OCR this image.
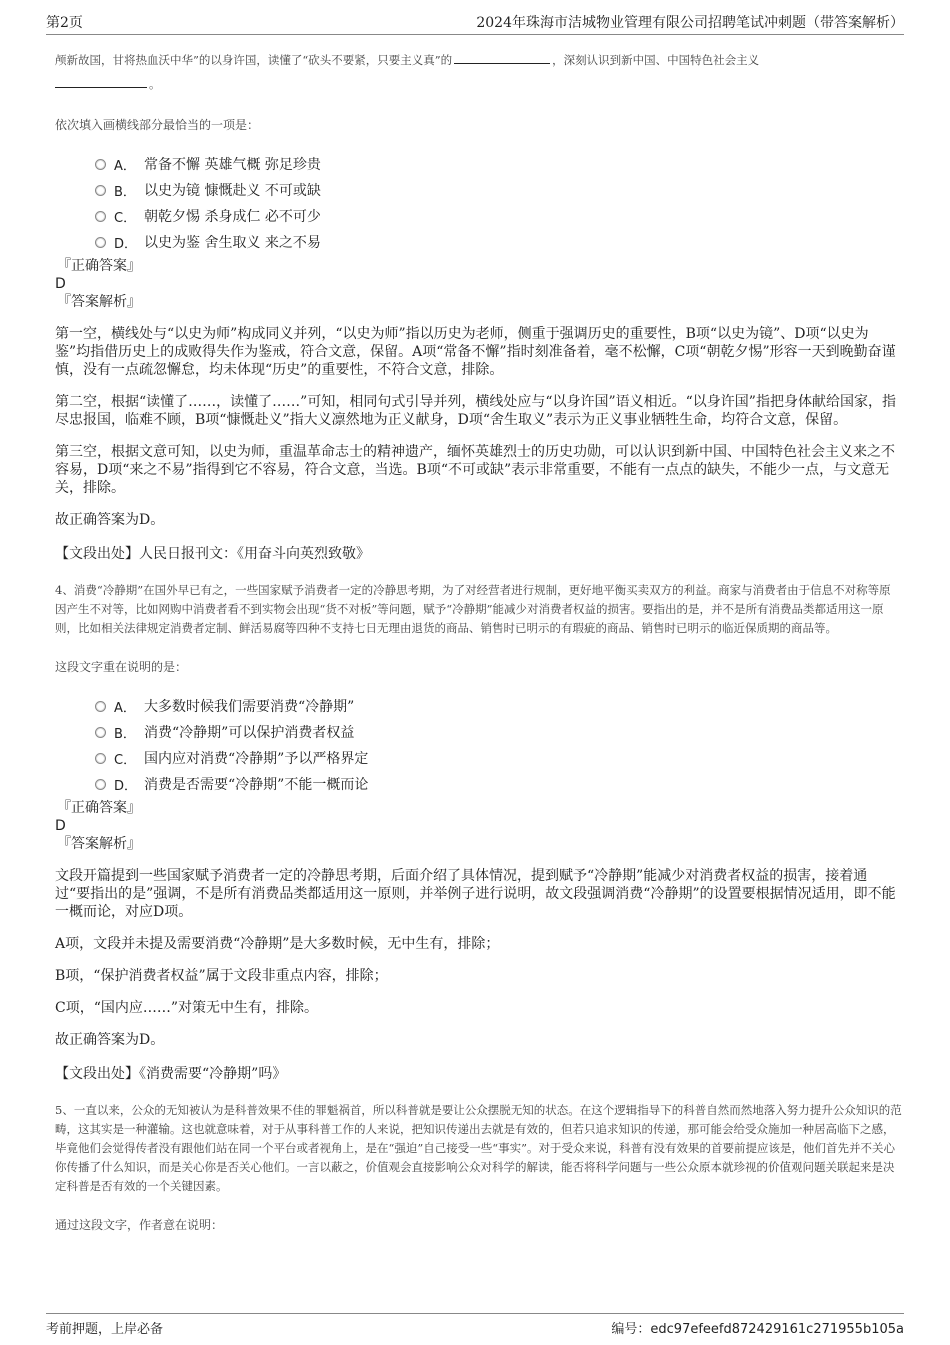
第2页	2024年珠海市洁城物业管理有限公司招聘笔试冲刺题（带答案解析）
颅新故国，甘将热血沃中华”的以身许国，读懂了“砍头不要紧，只要主义真”的	，深刻认识到新中国、中国特色社会主义
。
依次填入画横线部分最恰当的一项是：
A． 常备不懈 英雄气概 弥足珍贵
B． 以史为镜 慷慨赴义 不可或缺
C． 朝乾夕惕 杀身成仁 必不可少
D． 以史为鉴 舍生取义 来之不易
『正确答案』
D
『答案解析』

第一空，横线处与“以史为师”构成同义并列，“以史为师”指以历史为老师，侧重于强调历史的重要性，B项“以史为镜”、D项“以史为鉴”均指借历史上的成败得失作为鉴戒，符合文意，保留。A项“常备不懈”指时刻准备着，毫不松懈，C项“朝乾夕惕”形容一天到晚勤奋谨慎，没有一点疏忽懈怠，均未体现“历史”的重要性，不符合文意，排除。

第二空，根据“读懂了……，读懂了……”可知，相同句式引导并列，横线处应与“以身许国”语义相近。“以身许国”指把身体献给国家，指尽忠报国，临难不顾，B项“慷慨赴义”指大义凛然地为正义献身，D项“舍生取义”表示为正义事业牺牲生命，均符合文意，保留。

第三空，根据文意可知，以史为师，重温革命志士的精神遗产，缅怀英雄烈士的历史功勋，可以认识到新中国、中国特色社会主义来之不容易，D项“来之不易”指得到它不容易，符合文意，当选。B项“不可或缺”表示非常重要，不能有一点点的缺失，不能少一点，与文意无关，排除。

故正确答案为D。

【文段出处】人民日报刊文：《用奋斗向英烈致敬》
4、消费“冷静期”在国外早已有之，一些国家赋予消费者一定的冷静思考期，为了对经营者进行规制，更好地平衡买卖双方的利益。商家与消费者由于信息不对称等原因产生不对等，比如网购中消费者看不到实物会出现“货不对板”等问题，赋予“冷静期”能减少对消费者权益的损害。要指出的是，并不是所有消费品类都适用这一原则，比如相关法律规定消费者定制、鲜活易腐等四种不支持七日无理由退货的商品、销售时已明示的有瑕疵的商品、销售时已明示的临近保质期的商品等。
这段文字重在说明的是：
A． 大多数时候我们需要消费“冷静期”
B． 消费“冷静期”可以保护消费者权益
C． 国内应对消费“冷静期”予以严格界定
D． 消费是否需要“冷静期”不能一概而论
『正确答案』
D
『答案解析』

文段开篇提到一些国家赋予消费者一定的冷静思考期，后面介绍了具体情况，提到赋予“冷静期”能减少对消费者权益的损害，接着通过“要指出的是”强调，不是所有消费品类都适用这一原则，并举例子进行说明，故文段强调消费“冷静期”的设置要根据情况适用，即不能一概而论，对应D项。

A项，文段并未提及需要消费“冷静期”是大多数时候，无中生有，排除；

B项，“保护消费者权益”属于文段非重点内容，排除；

C项，“国内应……”对策无中生有，排除。

故正确答案为D。

【文段出处】《消费需要“冷静期”吗》
5、一直以来，公众的无知被认为是科普效果不佳的罪魁祸首，所以科普就是要让公众摆脱无知的状态。在这个逻辑指导下的科普自然而然地落入努力提升公众知识的范畴，这其实是一种灌输。这也就意味着，对于从事科普工作的人来说，把知识传递出去就是有效的，但若只追求知识的传递，那可能会给受众施加一种居高临下之感，毕竟他们会觉得传者没有跟他们站在同一个平台或者视角上，是在“强迫”自己接受一些“事实”。对于受众来说，科普有没有效果的首要前提应该是，他们首先并不关心你传播了什么知识，而是关心你是否关心他们。一言以蔽之，价值观会直接影响公众对科学的解读，能否将科学问题与一些公众原本就珍视的价值观问题关联起来是决定科普是否有效的一个关键因素。
通过这段文字，作者意在说明：
考前押题，上岸必备	编号：edc97efeefd872429161c271955b105a
